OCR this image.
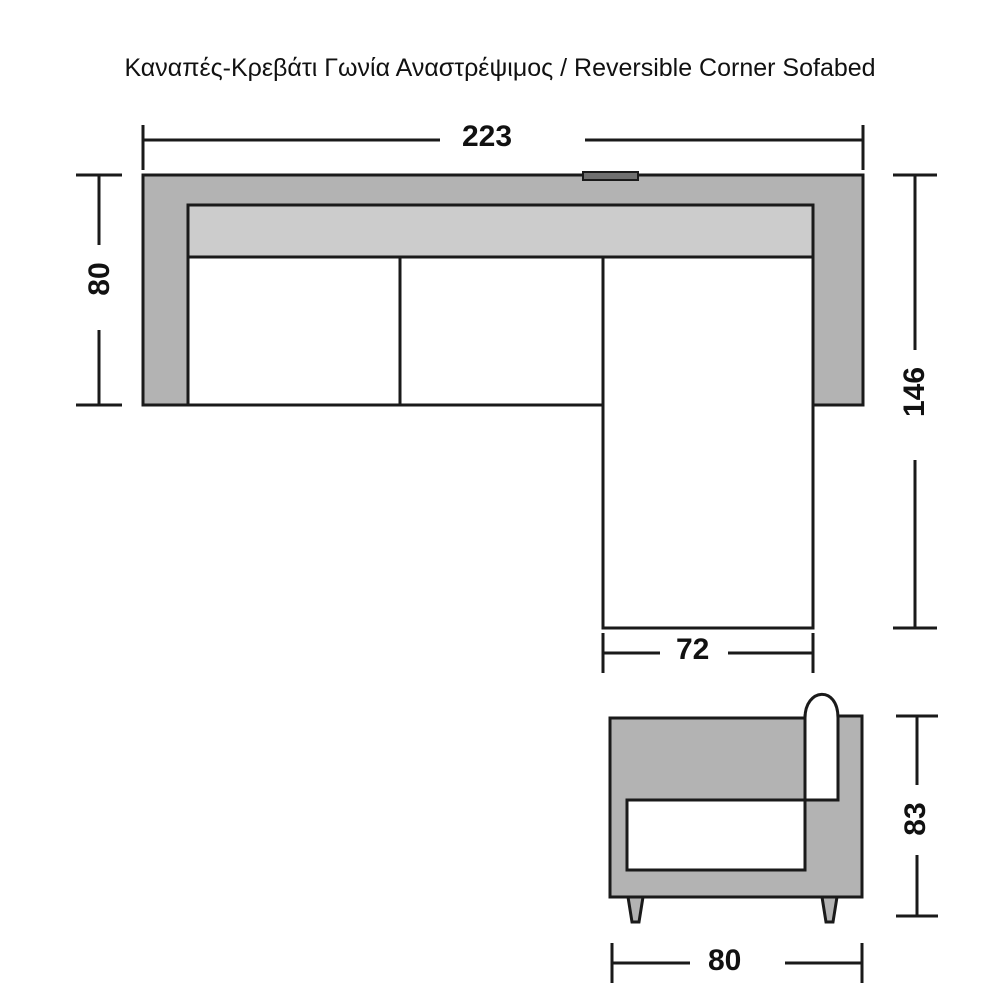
Καναπές-Κρεβάτι Γωνία Αναστρέψιμος / Reversible Corner Sofabed
223
80
146
72
83
80
